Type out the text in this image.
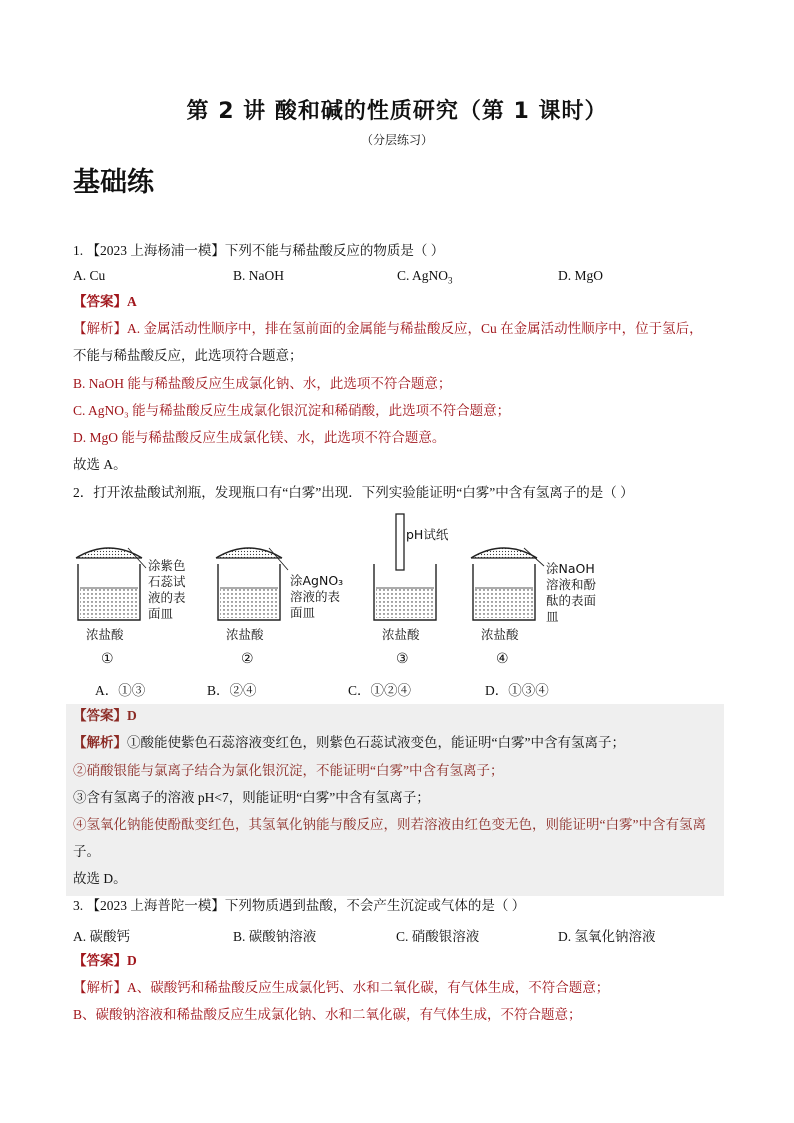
第 2 讲 酸和碱的性质研究（第 1 课时）
（分层练习）
基础练
1. 【2023 上海杨浦一模】下列不能与稀盐酸反应的物质是（ ）
A. Cu	B. NaOH	C. AgNO$_3$	D. MgO
【答案】A
【解析】A. 金属活动性顺序中，排在氢前面的金属能与稀盐酸反应，Cu 在金属活动性顺序中，位于氢后，
不能与稀盐酸反应，此选项符合题意；
B. NaOH 能与稀盐酸反应生成氯化钠、水，此选项不符合题意；
C. AgNO₃ 能与稀盐酸反应生成氯化银沉淀和稀硝酸，此选项不符合题意；
D. MgO 能与稀盐酸反应生成氯化镁、水，此选项不符合题意。
故选 A。
2．打开浓盐酸试剂瓶，发现瓶口有“白雾”出现．下列实验能证明“白雾”中含有氢离子的是（ ）
pH试纸
涂紫色
石蕊试
液的表
面皿
涂AgNO₃
溶液的表
面皿
涂NaOH
溶液和酚
酞的表面
皿
浓盐酸	浓盐酸	浓盐酸	浓盐酸
①	②	③	④
A．①③	B．②④	C．①②④	D．①③④
【答案】D
【解析】①酸能使紫色石蕊溶液变红色，则紫色石蕊试液变色，能证明“白雾”中含有氢离子；
②硝酸银能与氯离子结合为氯化银沉淀，不能证明“白雾”中含有氢离子；
③含有氢离子的溶液 pH<7，则能证明“白雾”中含有氢离子；
④氢氧化钠能使酚酞变红色，其氢氧化钠能与酸反应，则若溶液由红色变无色，则能证明“白雾”中含有氢离
子。
故选 D。
3. 【2023 上海普陀一模】下列物质遇到盐酸，不会产生沉淀或气体的是（ ）
A. 碳酸钙	B. 碳酸钠溶液	C. 硝酸银溶液	D. 氢氧化钠溶液
【答案】D
【解析】A、碳酸钙和稀盐酸反应生成氯化钙、水和二氧化碳，有气体生成，不符合题意；
B、碳酸钠溶液和稀盐酸反应生成氯化钠、水和二氧化碳，有气体生成，不符合题意；
